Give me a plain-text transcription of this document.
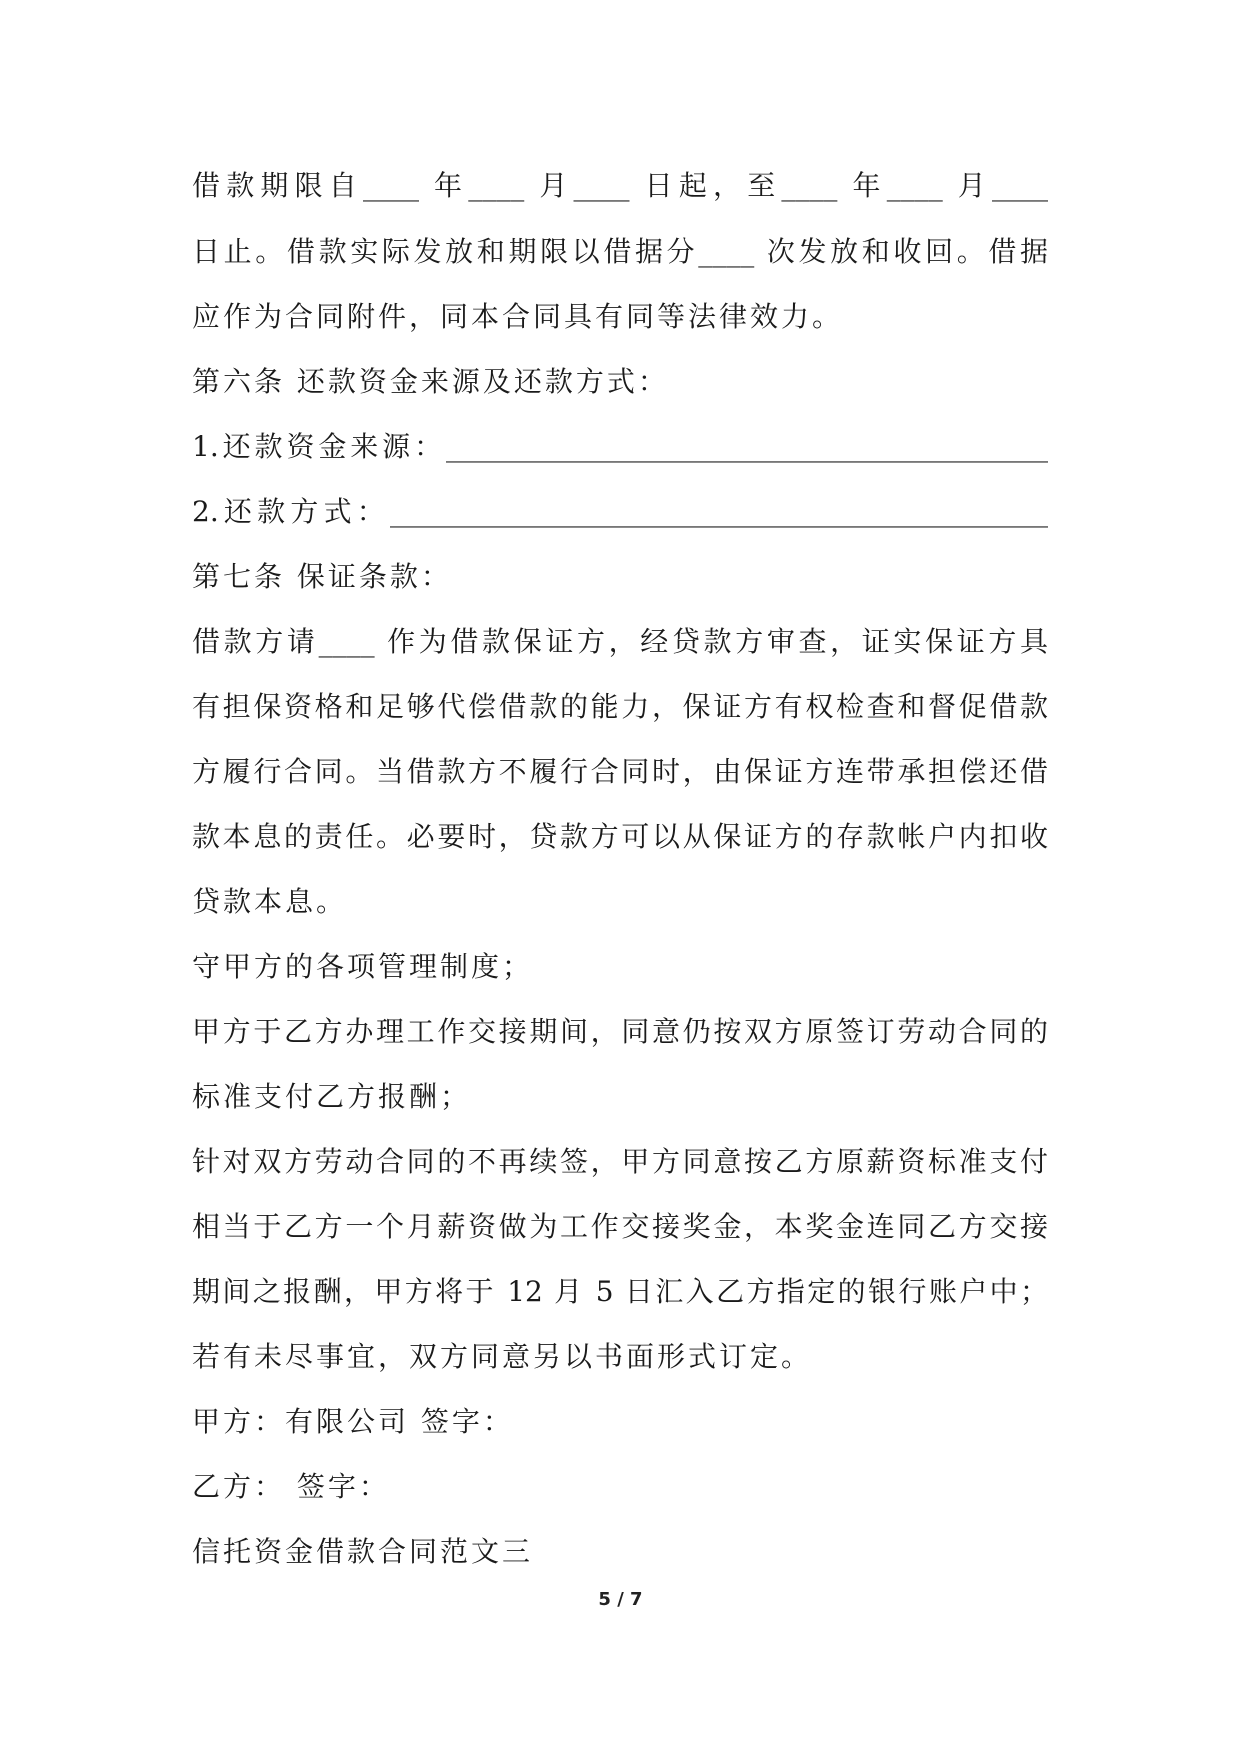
借款期限自____ 年____ 月____ 日起，至____ 年____ 月____
日止。借款实际发放和期限以借据分____ 次发放和收回。借据
应作为合同附件，同本合同具有同等法律效力。
第六条 还款资金来源及还款方式：
1.还款资金来源：___________________________________________
2.还款方式：_______________________________________________
第七条 保证条款：
借款方请____ 作为借款保证方，经贷款方审查，证实保证方具
有担保资格和足够代偿借款的能力，保证方有权检查和督促借款
方履行合同。当借款方不履行合同时，由保证方连带承担偿还借
款本息的责任。必要时，贷款方可以从保证方的存款帐户内扣收
贷款本息。
守甲方的各项管理制度；
甲方于乙方办理工作交接期间，同意仍按双方原签订劳动合同的
标准支付乙方报酬；
针对双方劳动合同的不再续签，甲方同意按乙方原薪资标准支付
相当于乙方一个月薪资做为工作交接奖金，本奖金连同乙方交接
期间之报酬，甲方将于 12 月 5 日汇入乙方指定的银行账户中；
若有未尽事宜，双方同意另以书面形式订定。
甲方：有限公司 签字：
乙方： 签字：
信托资金借款合同范文三
5 / 7
